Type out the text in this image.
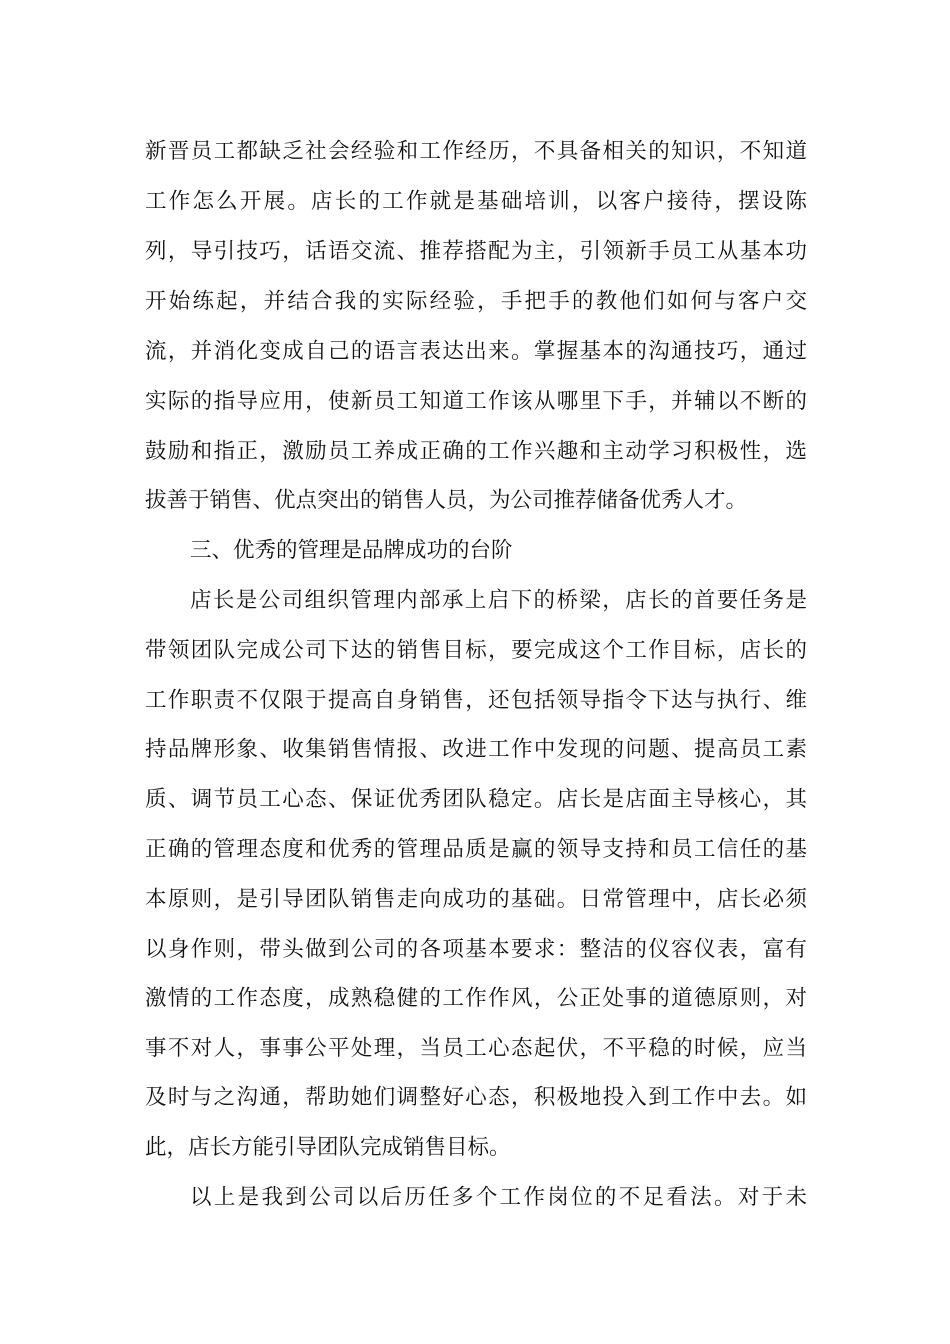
新晋员工都缺乏社会经验和工作经历，不具备相关的知识，不知道
工作怎么开展。店长的工作就是基础培训，以客户接待，摆设陈
列，导引技巧，话语交流、推荐搭配为主，引领新手员工从基本功
开始练起，并结合我的实际经验，手把手的教他们如何与客户交
流，并消化变成自己的语言表达出来。掌握基本的沟通技巧，通过
实际的指导应用，使新员工知道工作该从哪里下手，并辅以不断的
鼓励和指正，激励员工养成正确的工作兴趣和主动学习积极性，选
拔善于销售、优点突出的销售人员，为公司推荐储备优秀人才。
三、优秀的管理是品牌成功的台阶
店长是公司组织管理内部承上启下的桥梁，店长的首要任务是
带领团队完成公司下达的销售目标，要完成这个工作目标，店长的
工作职责不仅限于提高自身销售，还包括领导指令下达与执行、维
持品牌形象、收集销售情报、改进工作中发现的问题、提高员工素
质、调节员工心态、保证优秀团队稳定。店长是店面主导核心，其
正确的管理态度和优秀的管理品质是赢的领导支持和员工信任的基
本原则，是引导团队销售走向成功的基础。日常管理中，店长必须
以身作则，带头做到公司的各项基本要求：整洁的仪容仪表，富有
激情的工作态度，成熟稳健的工作作风，公正处事的道德原则，对
事不对人，事事公平处理，当员工心态起伏，不平稳的时候，应当
及时与之沟通，帮助她们调整好心态，积极地投入到工作中去。如
此，店长方能引导团队完成销售目标。
以上是我到公司以后历任多个工作岗位的不足看法。对于未
